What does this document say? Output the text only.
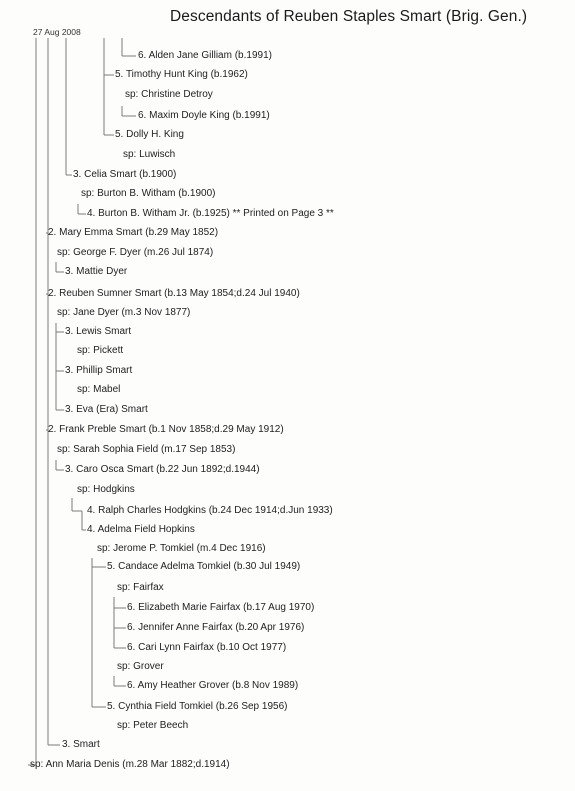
Descendants of Reuben Staples Smart (Brig. Gen.)
27 Aug 2008
6. Alden Jane Gilliam (b.1991)
5. Timothy Hunt King (b.1962)
sp: Christine Detroy
6. Maxim Doyle King (b.1991)
5. Dolly H. King
sp: Luwisch
3. Celia Smart (b.1900)
sp: Burton B. Witham (b.1900)
4. Burton B. Witham Jr. (b.1925) ** Printed on Page 3 **
2. Mary Emma Smart (b.29 May 1852)
sp: George F. Dyer (m.26 Jul 1874)
3. Mattie Dyer
2. Reuben Sumner Smart (b.13 May 1854;d.24 Jul 1940)
sp: Jane Dyer (m.3 Nov 1877)
3. Lewis Smart
sp: Pickett
3. Phillip Smart
sp: Mabel
3. Eva (Era) Smart
2. Frank Preble Smart (b.1 Nov 1858;d.29 May 1912)
sp: Sarah Sophia Field (m.17 Sep 1853)
3. Caro Osca Smart (b.22 Jun 1892;d.1944)
sp: Hodgkins
4. Ralph Charles Hodgkins (b.24 Dec 1914;d.Jun 1933)
4. Adelma Field Hopkins
sp: Jerome P. Tomkiel (m.4 Dec 1916)
5. Candace Adelma Tomkiel (b.30 Jul 1949)
sp: Fairfax
6. Elizabeth Marie Fairfax (b.17 Aug 1970)
6. Jennifer Anne Fairfax (b.20 Apr 1976)
6. Cari Lynn Fairfax (b.10 Oct 1977)
sp: Grover
6. Amy Heather Grover (b.8 Nov 1989)
5. Cynthia Field Tomkiel (b.26 Sep 1956)
sp: Peter Beech
3. Smart
sp: Ann Maria Denis (m.28 Mar 1882;d.1914)
